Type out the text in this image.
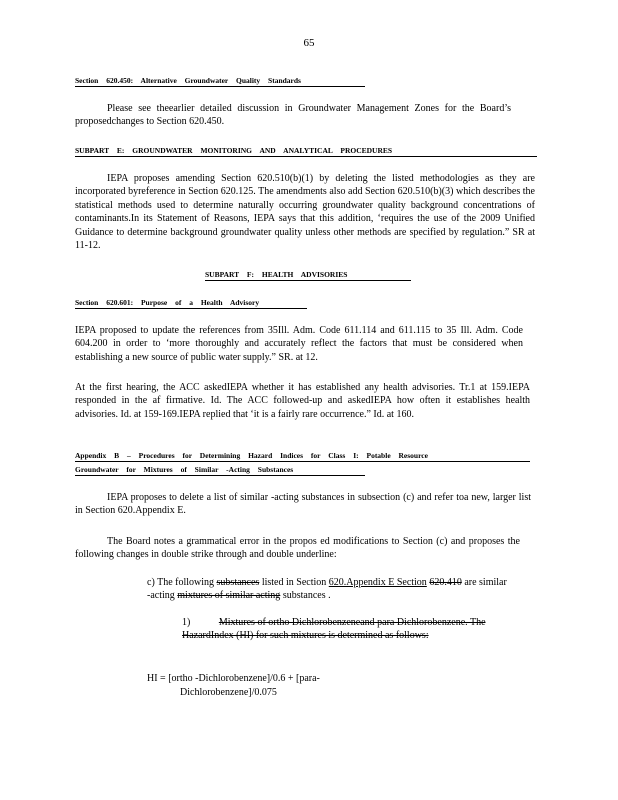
65
Section 620.450: Alternative Groundwater Quality Standards
Please see theearlier detailed discussion in Groundwater Management Zones for the Board’s proposedchanges to Section 620.450.
SUBPART E: GROUNDWATER MONITORING AND ANALYTICAL PROCEDURES
IEPA proposes amending Section 620.510(b)(1) by deleting the listed methodologies as they are incorporated byreference in Section 620.125. The amendments also add Section 620.510(b)(3) which describes the statistical methods used to determine naturally occurring groundwater quality background concentrations of contaminants.In its Statement of Reasons, IEPA says that this addition, ‘requires the use of the 2009 Unified Guidance to determine background groundwater quality unless other methods are specified by regulation.” SR at 11-12.
SUBPART F: HEALTH ADVISORIES
Section 620.601: Purpose of a Health Advisory
IEPA proposed to update the references from 35Ill. Adm. Code 611.114 and 611.115 to 35 Ill. Adm. Code 604.200 in order to ‘more thoroughly and accurately reflect the factors that must be considered when establishing a new source of public water supply.” SR. at 12.
At the first hearing, the ACC askedIEPA whether it has established any health advisories. Tr.1 at 159.IEPA responded in the af firmative. Id. The ACC followed-up and askedIEPA how often it establishes health advisories. Id. at 159-169.IEPA replied that ‘it is a fairly rare occurrence.” Id. at 160.
Appendix B – Procedures for Determining Hazard Indices for Class I: Potable Resource
Groundwater for Mixtures of Similar -Acting Substances
IEPA proposes to delete a list of similar -acting substances in subsection (c) and refer toa new, larger list in Section 620.Appendix E.
The Board notes a grammatical error in the propos ed modifications to Section (c) and proposes the following changes in double strike through and double underline:
c) The following substances listed in Section 620.Appendix E Section 620.410 are similar -acting mixtures of similar acting substances .
1)	Mixtures of ortho Dichlorobenzeneand para Dichlorobenzene. The HazardIndex (HI) for such mixtures is determined as follows:
HI = [ortho -Dichlorobenzene]/0.6 + [para-
Dichlorobenzene]/0.075
